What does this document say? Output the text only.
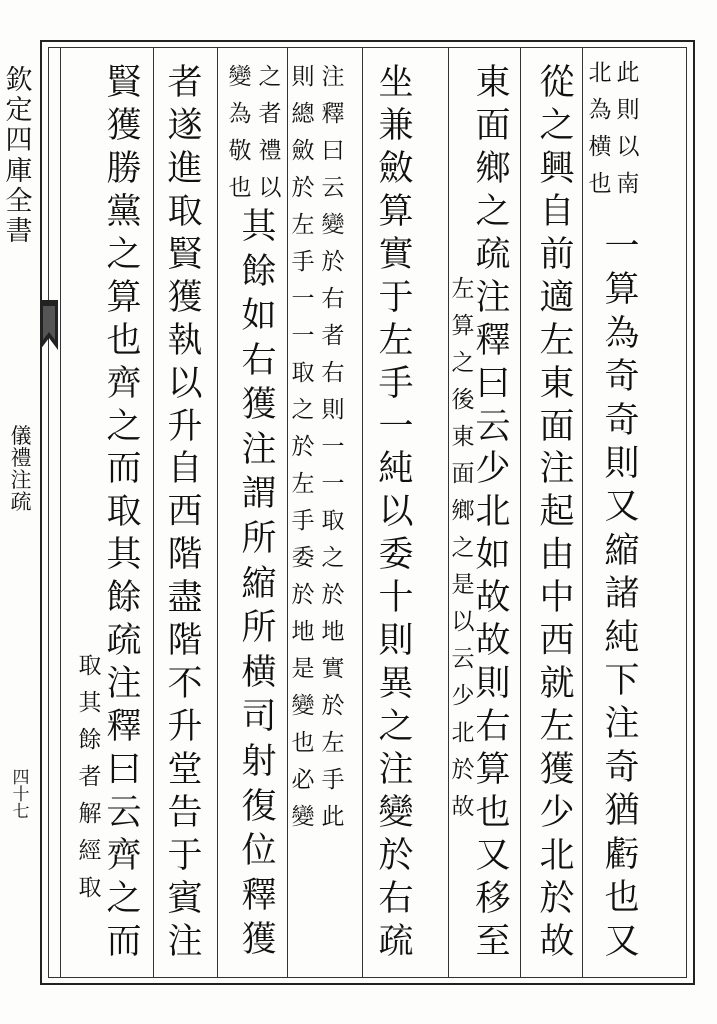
欽定四庫全書
儀禮注疏
四十七
此
則
以
南
北
為
横
也
一
算
為
奇
奇
則
又
縮
諸
純
下
注
奇
猶
虧
也
又
從
之
興
自
前
適
左
東
面
注
起
由
中
西
就
左
獲
少
北
於
故
東
面
鄉
之
疏
注
釋
曰
云
少
北
如
故
故
則
右
算
也
又
移
至
左
算
之
後
東
面
鄉
之
是
以
云
少
北
於
故
坐
兼
斂
算
實
于
左
手
一
純
以
委
十
則
異
之
注
變
於
右
疏
注
釋
曰
云
變
於
右
者
右
則
一
一
取
之
於
地
實
於
左
手
此
則
總
斂
於
左
手
一
一
取
之
於
左
手
委
於
地
是
變
也
必
變
之
者
禮
以
變
為
敬
也
其
餘
如
右
獲
注
謂
所
縮
所
横
司
射
復
位
釋
獲
者
遂
進
取
賢
獲
執
以
升
自
西
階
盡
階
不
升
堂
告
于
賓
注
賢
獲
勝
黨
之
算
也
齊
之
而
取
其
餘
疏
注
釋
曰
云
齊
之
而
取
其
餘
者
解
經
取
